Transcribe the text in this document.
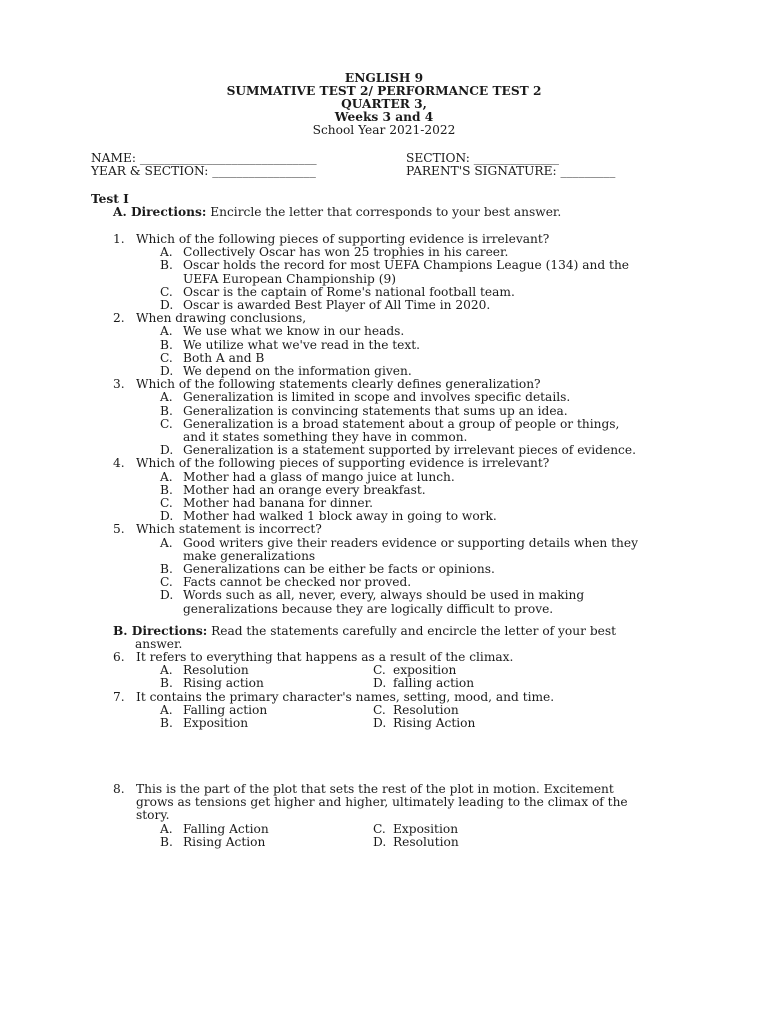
ENGLISH 9
SUMMATIVE TEST 2/ PERFORMANCE TEST 2
QUARTER 3,
Weeks 3 and 4
School Year 2021-2022
NAME: _____________________________	SECTION: ______________
YEAR & SECTION: _________________	PARENT'S SIGNATURE: _________
Test I
A. Directions: Encircle the letter that corresponds to your best answer.
B. Directions: Read the statements carefully and encircle the letter of your best
answer.
1. Which of the following pieces of supporting evidence is irrelevant?
A. Collectively Oscar has won 25 trophies in his career.
B. Oscar holds the record for most UEFA Champions League (134) and the
UEFA European Championship (9)
C. Oscar is the captain of Rome's national football team.
D. Oscar is awarded Best Player of All Time in 2020.
2. When drawing conclusions,
A. We use what we know in our heads.
B. We utilize what we've read in the text.
C. Both A and B
D. We depend on the information given.
3. Which of the following statements clearly defines generalization?
A. Generalization is limited in scope and involves specific details.
B. Generalization is convincing statements that sums up an idea.
C. Generalization is a broad statement about a group of people or things,
and it states something they have in common.
D. Generalization is a statement supported by irrelevant pieces of evidence.
4. Which of the following pieces of supporting evidence is irrelevant?
A. Mother had a glass of mango juice at lunch.
B. Mother had an orange every breakfast.
C. Mother had banana for dinner.
D. Mother had walked 1 block away in going to work.
5. Which statement is incorrect?
A. Good writers give their readers evidence or supporting details when they
make generalizations
B. Generalizations can be either be facts or opinions.
C. Facts cannot be checked nor proved.
D. Words such as all, never, every, always should be used in making
generalizations because they are logically difficult to prove.
6. It refers to everything that happens as a result of the climax.
A. Resolution	C. exposition
B. Rising action	D. falling action
7. It contains the primary character's names, setting, mood, and time.
A. Falling action	C. Resolution
B. Exposition	D. Rising Action
8. This is the part of the plot that sets the rest of the plot in motion. Excitement
grows as tensions get higher and higher, ultimately leading to the climax of the
story.
A. Falling Action	C. Exposition
B. Rising Action	D. Resolution
